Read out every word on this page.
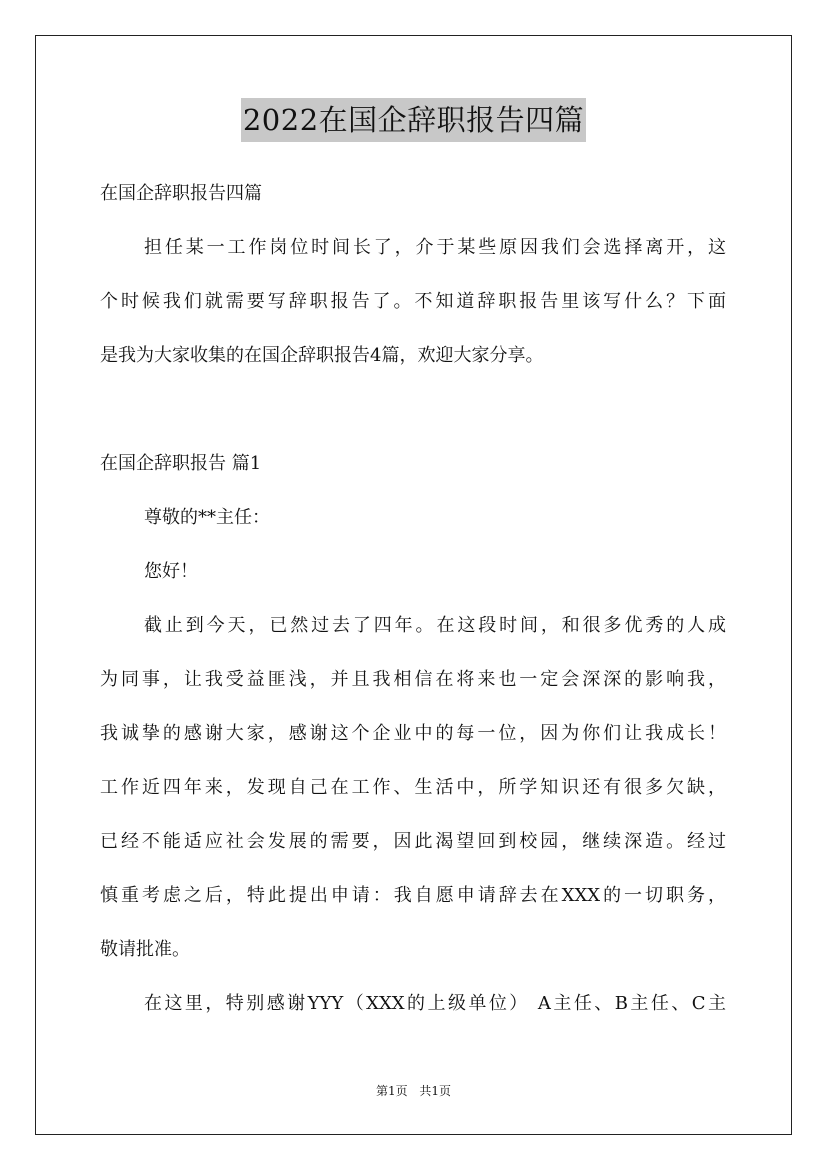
2022在国企辞职报告四篇
在国企辞职报告四篇
担任某一工作岗位时间长了，介于某些原因我们会选择离开，这
个时候我们就需要写辞职报告了。不知道辞职报告里该写什么？下面
是我为大家收集的在国企辞职报告4篇，欢迎大家分享。
在国企辞职报告 篇1
尊敬的**主任：
您好！
截止到今天，已然过去了四年。在这段时间，和很多优秀的人成
为同事，让我受益匪浅，并且我相信在将来也一定会深深的影响我，
我诚挚的感谢大家，感谢这个企业中的每一位，因为你们让我成长！
工作近四年来，发现自己在工作、生活中，所学知识还有很多欠缺，
已经不能适应社会发展的需要，因此渴望回到校园，继续深造。经过
慎重考虑之后，特此提出申请：我自愿申请辞去在XXX的一切职务，
敬请批准。
在这里，特别感谢YYY（XXX的上级单位） A主任、B主任、C主
第1页 共1页
